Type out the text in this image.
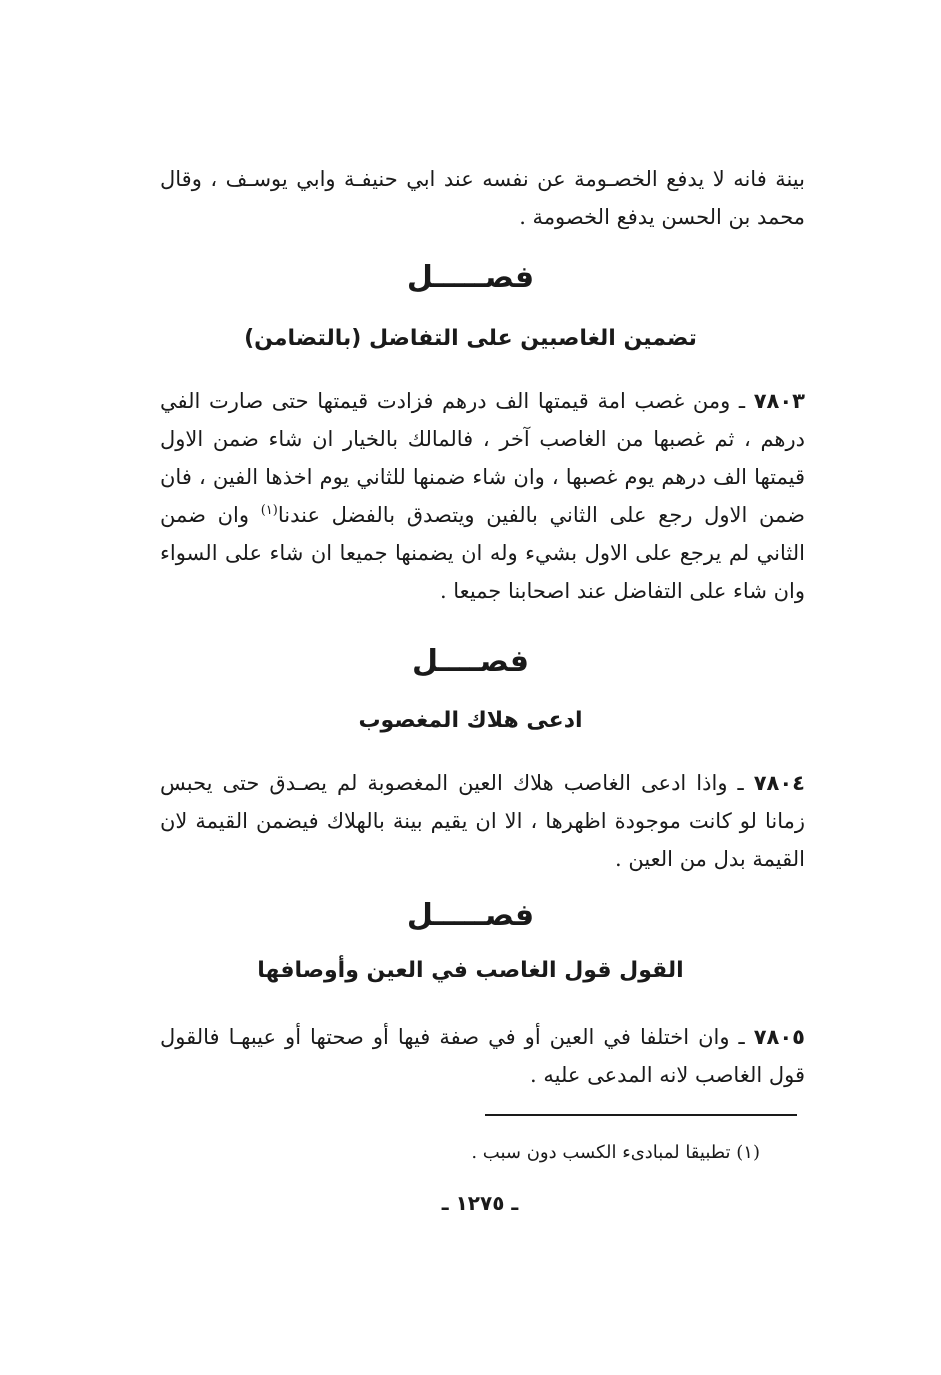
بينة فانه لا يدفع الخصـومة عن نفسه عند ابي حنيفـة وابي يوسـف ، وقال محمد بن الحسن يدفع الخصومة .

فصـــــل
تضمين الغاصبين على التفاضل (بالتضامن)

٧٨٠٣ ـ ومن غصب امة قيمتها الف درهم فزادت قيمتها حتى صارت الفي درهم ، ثم غصبها من الغاصب آخر ، فالمالك بالخيار ان شاء ضمن الاول قيمتها الف درهم يوم غصبها ، وان شاء ضمنها للثاني يوم اخذها الفين ، فان ضمن الاول رجع على الثاني بالفين ويتصدق بالفضل عندنا$^{(١)}$ وان ضمن الثاني لم يرجع على الاول بشيء وله ان يضمنها جميعا ان شاء على السواء وان شاء على التفاضل عند اصحابنا جميعا .

فصــــل
ادعى هلاك المغصوب

٧٨٠٤ ـ واذا ادعى الغاصب هلاك العين المغصوبة لم يصـدق حتى يحبس زمانا لو كانت موجودة اظهرها ، الا ان يقيم بينة بالهلاك فيضمن القيمة لان القيمة بدل من العين .

فصـــــل
القول قول الغاصب في العين وأوصافها

٧٨٠٥ ـ وان اختلفا في العين أو في صفة فيها أو صحتها أو عيبهـا فالقول قول الغاصب لانه المدعى عليه .

(١) تطبيقا لمبادىء الكسب دون سبب .
ـ ١٢٧٥ ـ
